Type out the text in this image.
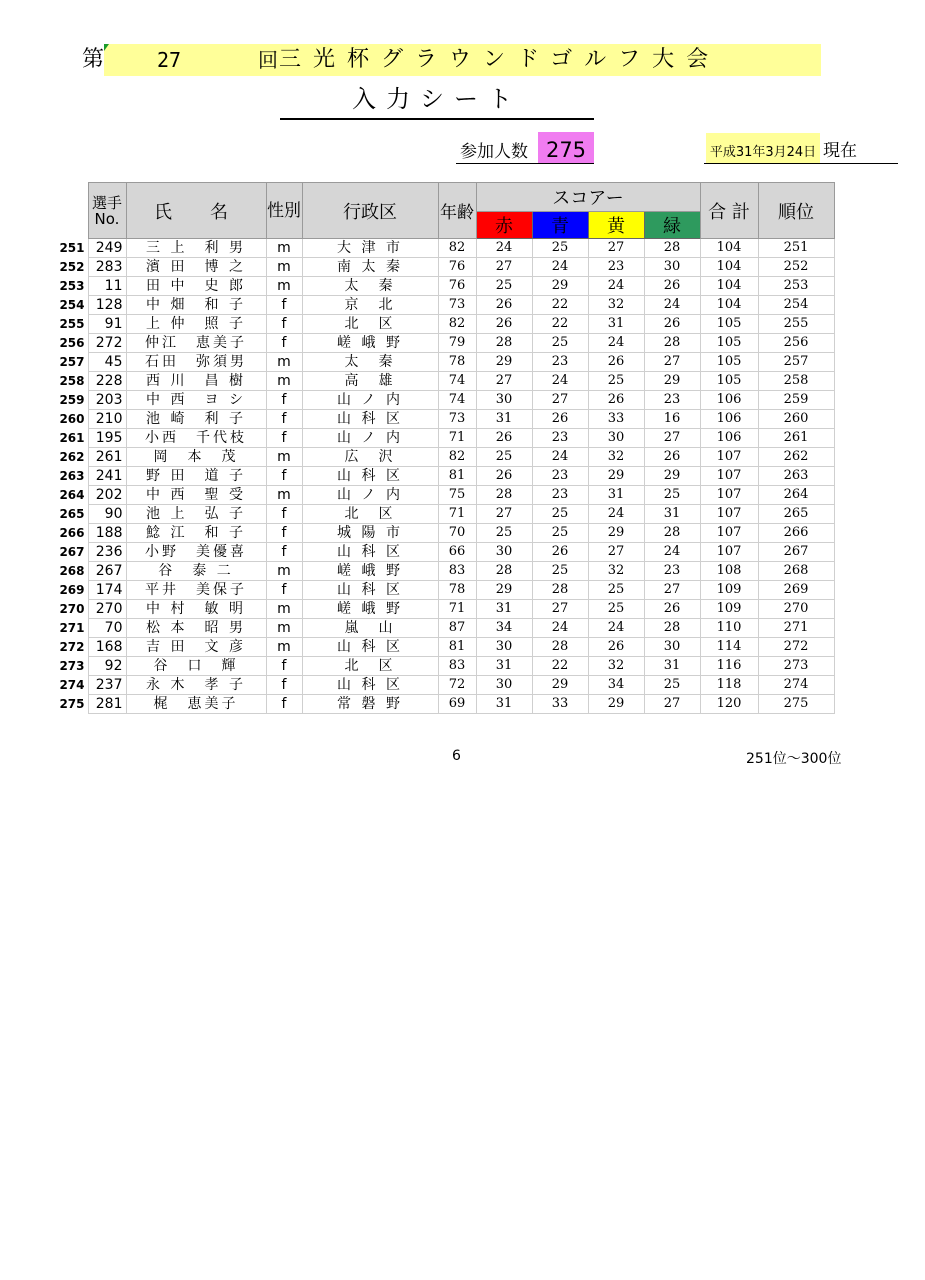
第	27	回 三光杯グラウンドゴルフ大会
入力シート
参加人数 275	平成31年3月24日 現在
	選手No.	氏　名	性別	行政区	年齢	スコアー				合 計	順位
						赤	青	黄	緑		
251	249	三 上　利 男	m	大 津 市	82	24	25	27	28	104	251
252	283	濱 田　博 之	m	南 太 秦	76	27	24	23	30	104	252
253	11	田 中　史 郎	m	太　秦	76	25	29	24	26	104	253
254	128	中 畑　和 子	f	京　北	73	26	22	32	24	104	254
255	91	上 仲　照 子	f	北　区	82	26	22	31	26	105	255
256	272	仲江　恵美子	f	嵯 峨 野	79	28	25	24	28	105	256
257	45	石田　弥須男	m	太　秦	78	29	23	26	27	105	257
258	228	西 川　昌 樹	m	高　雄	74	27	24	25	29	105	258
259	203	中 西　ヨ シ	f	山 ノ 内	74	30	27	26	23	106	259
260	210	池 崎　利 子	f	山 科 区	73	31	26	33	16	106	260
261	195	小西　千代枝	f	山 ノ 内	71	26	23	30	27	106	261
262	261	岡　本　茂	m	広　沢	82	25	24	32	26	107	262
263	241	野 田　道 子	f	山 科 区	81	26	23	29	29	107	263
264	202	中 西　聖 受	m	山 ノ 内	75	28	23	31	25	107	264
265	90	池 上　弘 子	f	北　区	71	27	25	24	31	107	265
266	188	鯰 江　和 子	f	城 陽 市	70	25	25	29	28	107	266
267	236	小野　美優喜	f	山 科 区	66	30	26	27	24	107	267
268	267	谷　泰 二	m	嵯 峨 野	83	28	25	32	23	108	268
269	174	平井　美保子	f	山 科 区	78	29	28	25	27	109	269
270	270	中 村　敏 明	m	嵯 峨 野	71	31	27	25	26	109	270
271	70	松 本　昭 男	m	嵐　山	87	34	24	24	28	110	271
272	168	吉 田　文 彦	m	山 科 区	81	30	28	26	30	114	272
273	92	谷　口　輝	f	北　区	83	31	22	32	31	116	273
274	237	永 木　孝 子	f	山 科 区	72	30	29	34	25	118	274
275	281	梶　恵美子	f	常 磐 野	69	31	33	29	27	120	275
6	251位～300位
